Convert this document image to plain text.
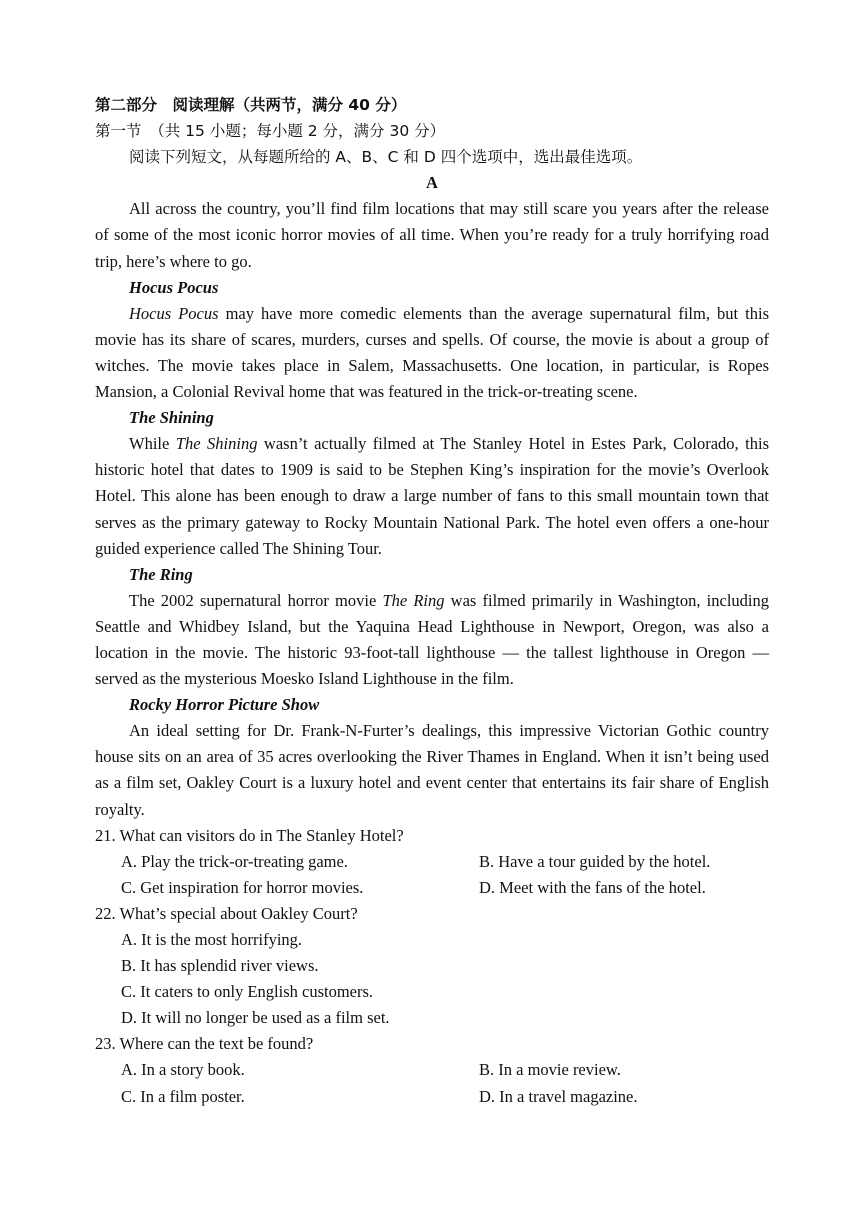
第二部分　阅读理解（共两节，满分 40 分）
第一节　（共 15 小题；每小题 2 分，满分 30 分）
阅读下列短文，从每题所给的 A、B、C 和 D 四个选项中，选出最佳选项。
A

All across the country, you’ll find film locations that may still scare you years after the release of some of the most iconic horror movies of all time. When you’re ready for a truly horrifying road trip, here’s where to go.

Hocus Pocus

Hocus Pocus may have more comedic elements than the average supernatural film, but this movie has its share of scares, murders, curses and spells. Of course, the movie is about a group of witches. The movie takes place in Salem, Massachusetts. One location, in particular, is Ropes Mansion, a Colonial Revival home that was featured in the trick-or-treating scene.

The Shining

While The Shining wasn’t actually filmed at The Stanley Hotel in Estes Park, Colorado, this historic hotel that dates to 1909 is said to be Stephen King’s inspiration for the movie’s Overlook Hotel. This alone has been enough to draw a large number of fans to this small mountain town that serves as the primary gateway to Rocky Mountain National Park. The hotel even offers a one-hour guided experience called The Shining Tour.

The Ring

The 2002 supernatural horror movie The Ring was filmed primarily in Washington, including Seattle and Whidbey Island, but the Yaquina Head Lighthouse in Newport, Oregon, was also a location in the movie. The historic 93-foot-tall lighthouse — the tallest lighthouse in Oregon — served as the mysterious Moesko Island Lighthouse in the film.

Rocky Horror Picture Show

An ideal setting for Dr. Frank-N-Furter’s dealings, this impressive Victorian Gothic country house sits on an area of 35 acres overlooking the River Thames in England. When it isn’t being used as a film set, Oakley Court is a luxury hotel and event center that entertains its fair share of English royalty.

21. What can visitors do in The Stanley Hotel?
A. Play the trick-or-treating game.	B. Have a tour guided by the hotel.
C. Get inspiration for horror movies.	D. Meet with the fans of the hotel.
22. What’s special about Oakley Court?
A. It is the most horrifying.
B. It has splendid river views.
C. It caters to only English customers.
D. It will no longer be used as a film set.
23. Where can the text be found?
A. In a story book.	B. In a movie review.
C. In a film poster.	D. In a travel magazine.
